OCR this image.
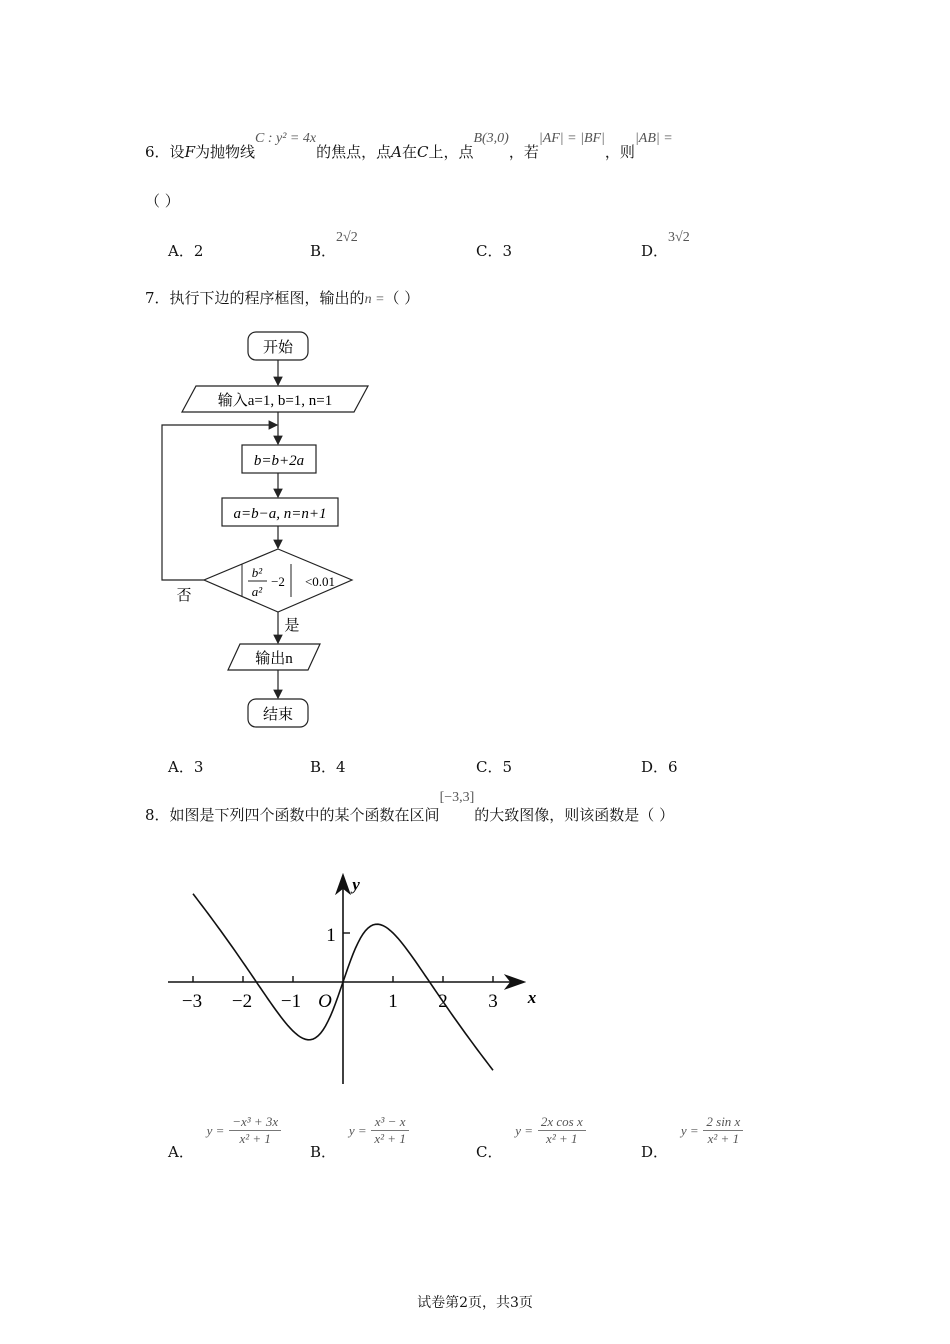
6．设F为抛物线C : y² = 4x的焦点，点A在C上，点B(3,0)，若|AF| = |BF|，则|AB| =
（ ）
A．2	B．2√2
C．3	D．3√2
7．执行下边的程序框图，输出的n =（ ）
开始
输入a=1, b=1, n=1
b=b+2a
a=b−a, n=n+1
b²
a²
−2 <0.01
否
是
输出n
结束
A．3	B．4	C．5	D．6
8．如图是下列四个函数中的某个函数在区间[−3,3]的大致图像，则该函数是（ ）
−3 −2 −1	1 2 3
1
O
y
x
A． $y = \frac{\text{−x³ + 3x}}{\text{x² + 1}}$
B． $y = \frac{\text{x³ − x}}{\text{x² + 1}}$
C． $y = \frac{\text{2x cos x}}{\text{x² + 1}}$
D． $y = \frac{\text{2 sin x}}{\text{x² + 1}}$
试卷第2页，共3页
